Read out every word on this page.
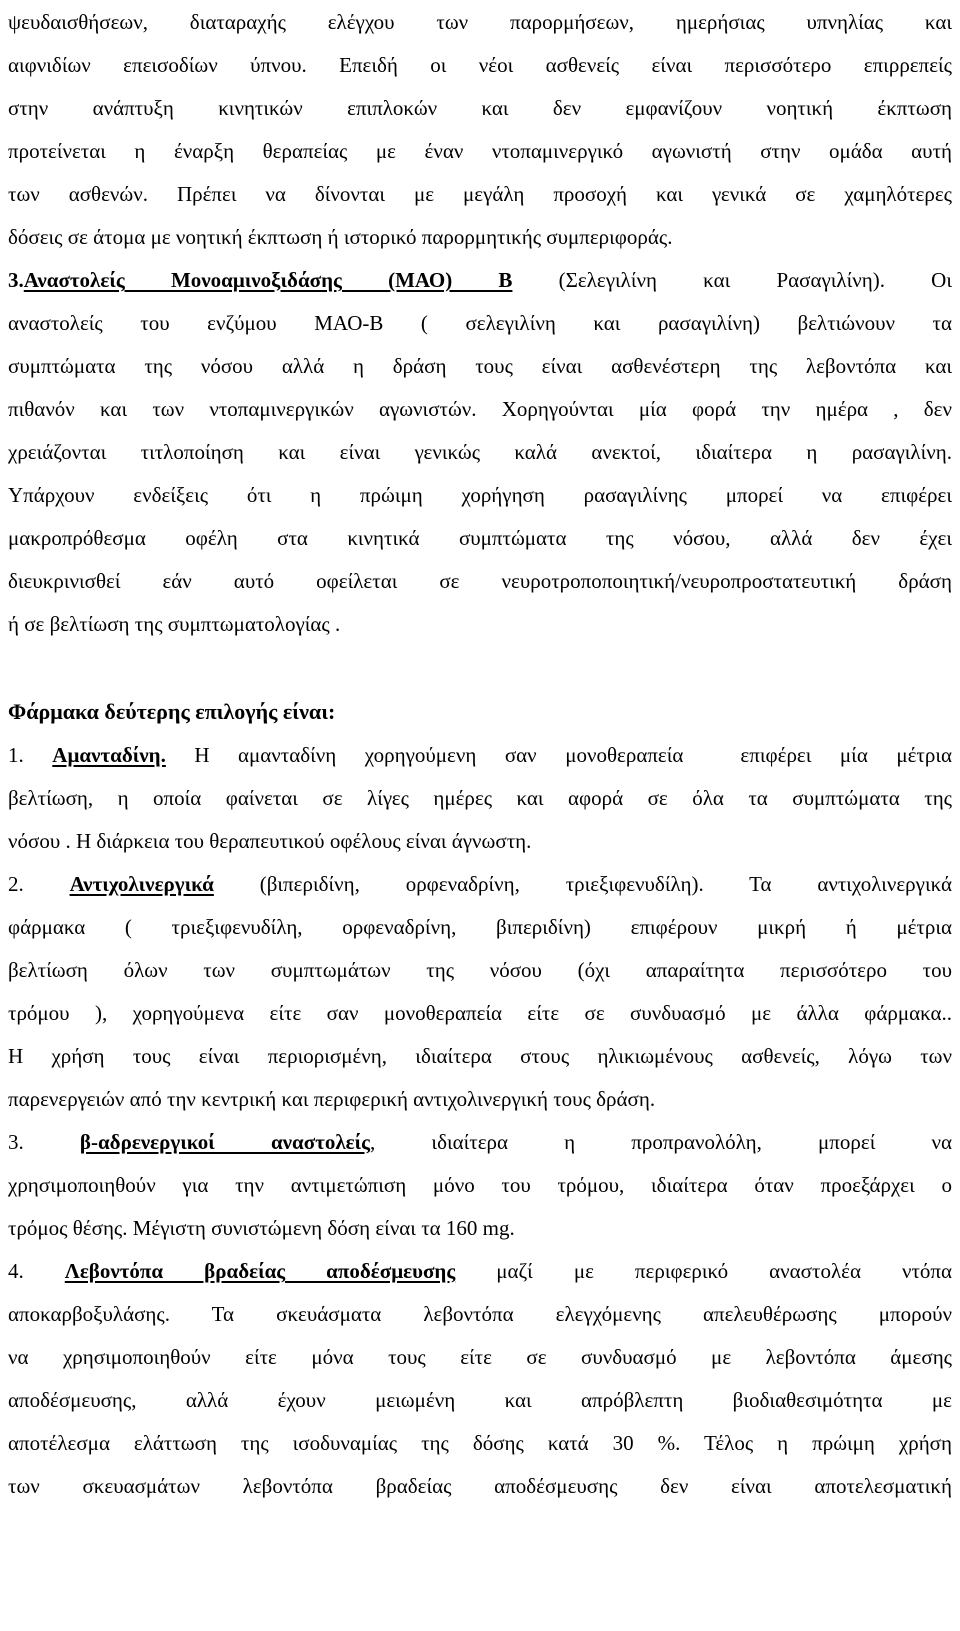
ψευδαισθήσεων, διαταραχής ελέγχου των παρορμήσεων, ημερήσιας υπνηλίας και
αιφνιδίων επεισοδίων ύπνου. Επειδή οι νέοι ασθενείς είναι περισσότερο επιρρεπείς
στην ανάπτυξη κινητικών επιπλοκών και δεν εμφανίζουν νοητική έκπτωση
προτείνεται η έναρξη θεραπείας με έναν ντοπαμινεργικό αγωνιστή στην ομάδα αυτή
των ασθενών. Πρέπει να δίνονται με μεγάλη προσοχή και γενικά σε χαμηλότερες
δόσεις σε άτομα με νοητική έκπτωση ή ιστορικό παρορμητικής συμπεριφοράς.
3.Αναστολείς Μονοαμινοξιδάσης (ΜΑΟ) Β (Σελεγιλίνη και Ρασαγιλίνη). Οι
αναστολείς του ενζύμου ΜΑΟ-Β ( σελεγιλίνη και ρασαγιλίνη) βελτιώνουν τα
συμπτώματα της νόσου αλλά η δράση τους είναι ασθενέστερη της λεβοντόπα και
πιθανόν και των ντοπαμινεργικών αγωνιστών. Χορηγούνται μία φορά την ημέρα , δεν
χρειάζονται τιτλοποίηση και είναι γενικώς καλά ανεκτοί, ιδιαίτερα η ρασαγιλίνη.
Υπάρχουν ενδείξεις ότι η πρώιμη χορήγηση ρασαγιλίνης μπορεί να επιφέρει
μακροπρόθεσμα οφέλη στα κινητικά συμπτώματα της νόσου, αλλά δεν έχει
διευκρινισθεί εάν αυτό οφείλεται σε νευροτροποποιητική/νευροπροστατευτική δράση
ή σε βελτίωση της συμπτωματολογίας .
Φάρμακα δεύτερης επιλογής είναι:
1. Αμανταδίνη. Η αμανταδίνη χορηγούμενη σαν μονοθεραπεία  επιφέρει μία μέτρια
βελτίωση, η οποία φαίνεται σε λίγες ημέρες και αφορά σε όλα τα συμπτώματα της
νόσου . Η διάρκεια του θεραπευτικού οφέλους είναι άγνωστη.
2. Αντιχολινεργικά (βιπεριδίνη, ορφεναδρίνη, τριεξιφενυδίλη). Τα αντιχολινεργικά
φάρμακα ( τριεξιφενυδίλη, ορφεναδρίνη, βιπεριδίνη) επιφέρουν μικρή ή μέτρια
βελτίωση όλων των συμπτωμάτων της νόσου (όχι απαραίτητα περισσότερο του
τρόμου ), χορηγούμενα είτε σαν μονοθεραπεία είτε σε συνδυασμό με άλλα φάρμακα..
Η χρήση τους είναι περιορισμένη, ιδιαίτερα στους ηλικιωμένους ασθενείς, λόγω των
παρενεργειών από την κεντρική και περιφερική αντιχολινεργική τους δράση.
3. β-αδρενεργικοί αναστολείς, ιδιαίτερα η προπρανολόλη, μπορεί να
χρησιμοποιηθούν για την αντιμετώπιση μόνο του τρόμου, ιδιαίτερα όταν προεξάρχει ο
τρόμος θέσης. Μέγιστη συνιστώμενη δόση είναι τα 160 mg.
4. Λεβοντόπα βραδείας αποδέσμευσης μαζί με περιφερικό αναστολέα ντόπα
αποκαρβοξυλάσης. Τα σκευάσματα λεβοντόπα ελεγχόμενης απελευθέρωσης μπορούν
να χρησιμοποιηθούν είτε μόνα τους είτε σε συνδυασμό με λεβοντόπα άμεσης
αποδέσμευσης, αλλά έχουν μειωμένη και απρόβλεπτη βιοδιαθεσιμότητα με
αποτέλεσμα ελάττωση της ισοδυναμίας της δόσης κατά 30 %. Τέλος η πρώιμη χρήση
των σκευασμάτων λεβοντόπα βραδείας αποδέσμευσης δεν είναι αποτελεσματική
